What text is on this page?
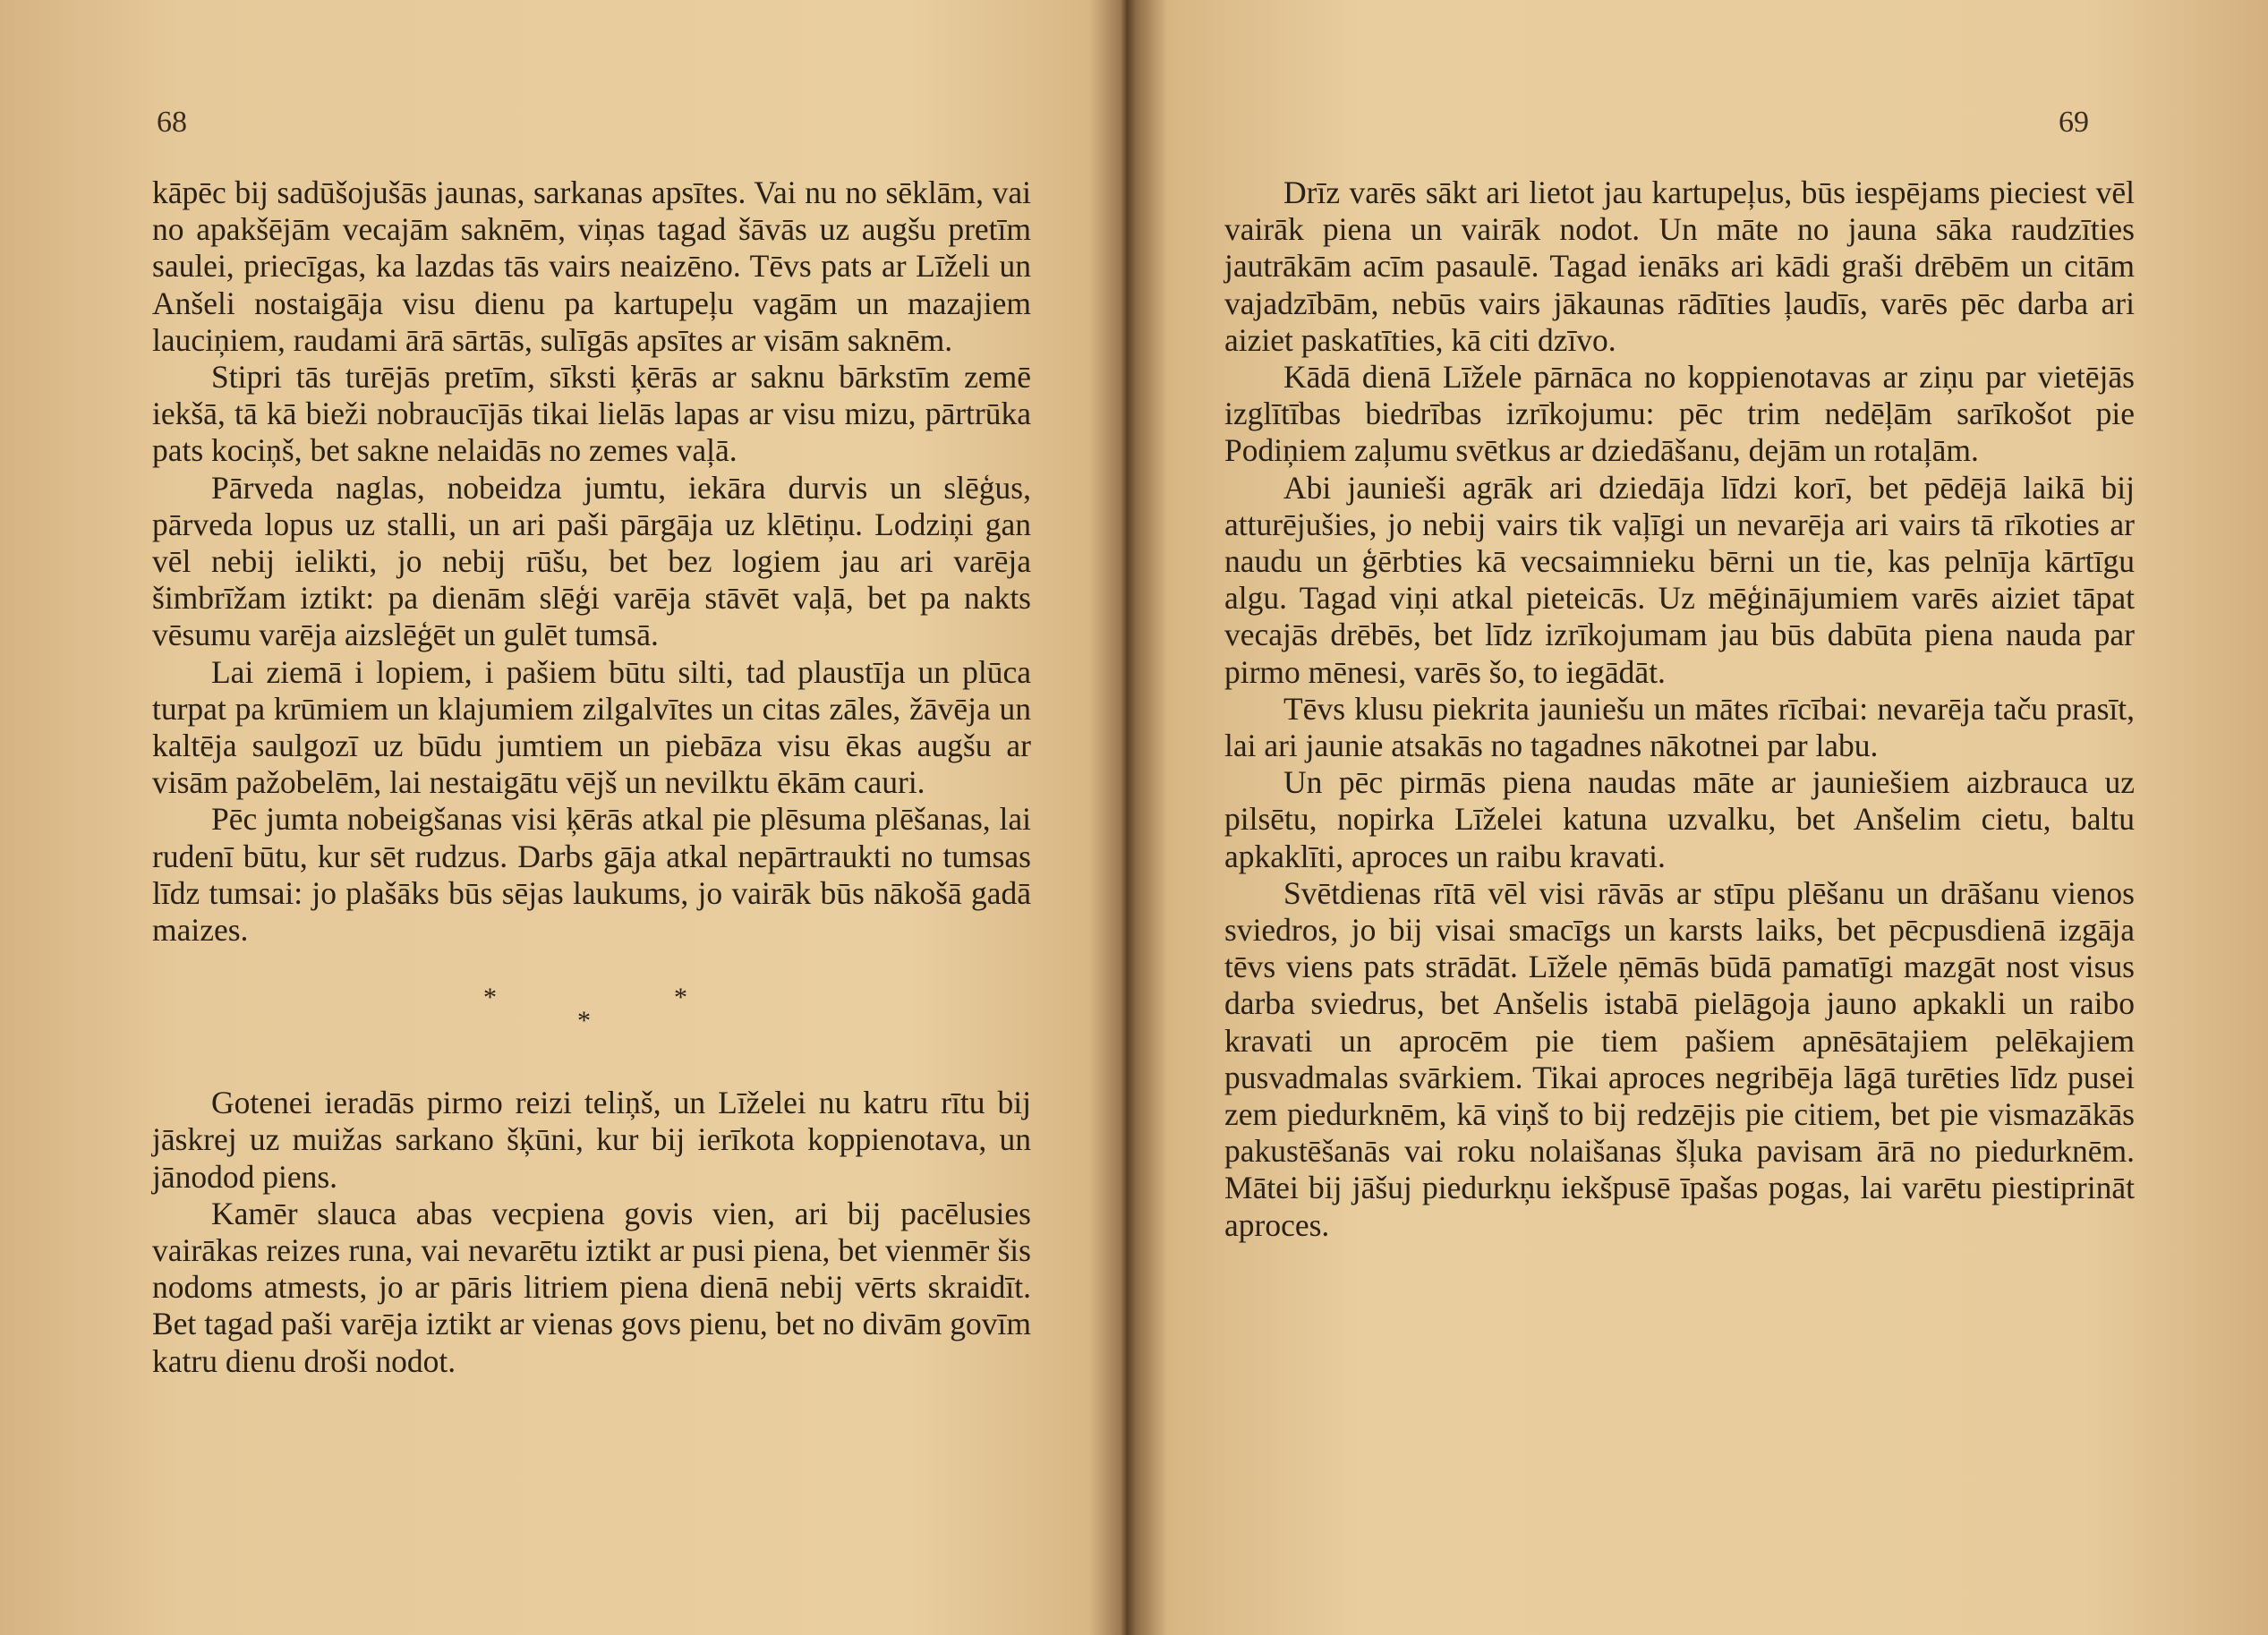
68

kāpēc bij sadūšojušās jaunas, sarkanas apsītes. Vai nu no sēklām, vai no apakšējām vecajām saknēm, viņas tagad šāvās uz augšu pretīm saulei, priecīgas, ka lazdas tās vairs neaizēno. Tēvs pats ar Līželi un Anšeli nostaigāja visu dienu pa kartupeļu vagām un mazajiem lauciņiem, raudami ārā sārtās, sulīgās apsītes ar visām saknēm.

Stipri tās turējās pretīm, sīksti ķērās ar saknu bārkstīm zemē iekšā, tā kā bieži nobraucījās tikai lielās lapas ar visu mizu, pārtrūka pats kociņš, bet sakne nelaidās no zemes vaļā.

Pārveda naglas, nobeidza jumtu, iekāra durvis un slēģus, pārveda lopus uz stalli, un ari paši pārgāja uz klētiņu. Lodziņi gan vēl nebij ielikti, jo nebij rūšu, bet bez logiem jau ari varēja šimbrīžam iztikt: pa dienām slēģi varēja stāvēt vaļā, bet pa nakts vēsumu varēja aizslēģēt un gulēt tumsā.

Lai ziemā i lopiem, i pašiem būtu silti, tad plaustīja un plūca turpat pa krūmiem un klajumiem zilgalvītes un citas zāles, žāvēja un kaltēja saulgozī uz būdu jumtiem un piebāza visu ēkas augšu ar visām pažobelēm, lai nestaigātu vējš un nevilktu ēkām cauri.

Pēc jumta nobeigšanas visi ķērās atkal pie plēsuma plēšanas, lai rudenī būtu, kur sēt rudzus. Darbs gāja atkal nepārtraukti no tumsas līdz tumsai: jo plašāks būs sējas laukums, jo vairāk būs nākošā gadā maizes.

*	*
*

Gotenei ieradās pirmo reizi teliņš, un Līželei nu katru rītu bij jāskrej uz muižas sarkano šķūni, kur bij ierīkota koppienotava, un jānodod piens.

Kamēr slauca abas vecpiena govis vien, ari bij pacēlusies vairākas reizes runa, vai nevarētu iztikt ar pusi piena, bet vienmēr šis nodoms atmests, jo ar pāris litriem piena dienā nebij vērts skraidīt. Bet tagad paši varēja iztikt ar vienas govs pienu, bet no divām govīm katru dienu droši nodot.

69

Drīz varēs sākt ari lietot jau kartupeļus, būs iespējams pieciest vēl vairāk piena un vairāk nodot. Un māte no jauna sāka raudzīties jautrākām acīm pasaulē. Tagad ienāks ari kādi graši drēbēm un citām vajadzībām, nebūs vairs jākaunas rādīties ļaudīs, varēs pēc darba ari aiziet paskatīties, kā citi dzīvo.

Kādā dienā Līžele pārnāca no koppienotavas ar ziņu par vietējās izglītības biedrības izrīkojumu: pēc trim nedēļām sarīkošot pie Podiņiem zaļumu svētkus ar dziedāšanu, dejām un rotaļām.

Abi jaunieši agrāk ari dziedāja līdzi korī, bet pēdējā laikā bij atturējušies, jo nebij vairs tik vaļīgi un nevarēja ari vairs tā rīkoties ar naudu un ģērbties kā vecsaimnieku bērni un tie, kas pelnīja kārtīgu algu. Tagad viņi atkal pieteicās. Uz mēģinājumiem varēs aiziet tāpat vecajās drēbēs, bet līdz izrīkojumam jau būs dabūta piena nauda par pirmo mēnesi, varēs šo, to iegādāt.

Tēvs klusu piekrita jauniešu un mātes rīcībai: nevarēja taču prasīt, lai ari jaunie atsakās no tagadnes nākotnei par labu.

Un pēc pirmās piena naudas māte ar jauniešiem aizbrauca uz pilsētu, nopirka Līželei katuna uzvalku, bet Anšelim cietu, baltu apkaklīti, aproces un raibu kravati.

Svētdienas rītā vēl visi rāvās ar stīpu plēšanu un drāšanu vienos sviedros, jo bij visai smacīgs un karsts laiks, bet pēcpusdienā izgāja tēvs viens pats strādāt. Līžele ņēmās būdā pamatīgi mazgāt nost visus darba sviedrus, bet Anšelis istabā pielāgoja jauno apkakli un raibo kravati un aprocēm pie tiem pašiem apnēsātajiem pelēkajiem pusvadmalas svārkiem. Tikai aproces negribēja lāgā turēties līdz pusei zem piedurknēm, kā viņš to bij redzējis pie citiem, bet pie vismazākās pakustēšanās vai roku nolaišanas šļuka pavisam ārā no piedurknēm. Mātei bij jāšuj piedurkņu iekšpusē īpašas pogas, lai varētu piestiprināt aproces.
